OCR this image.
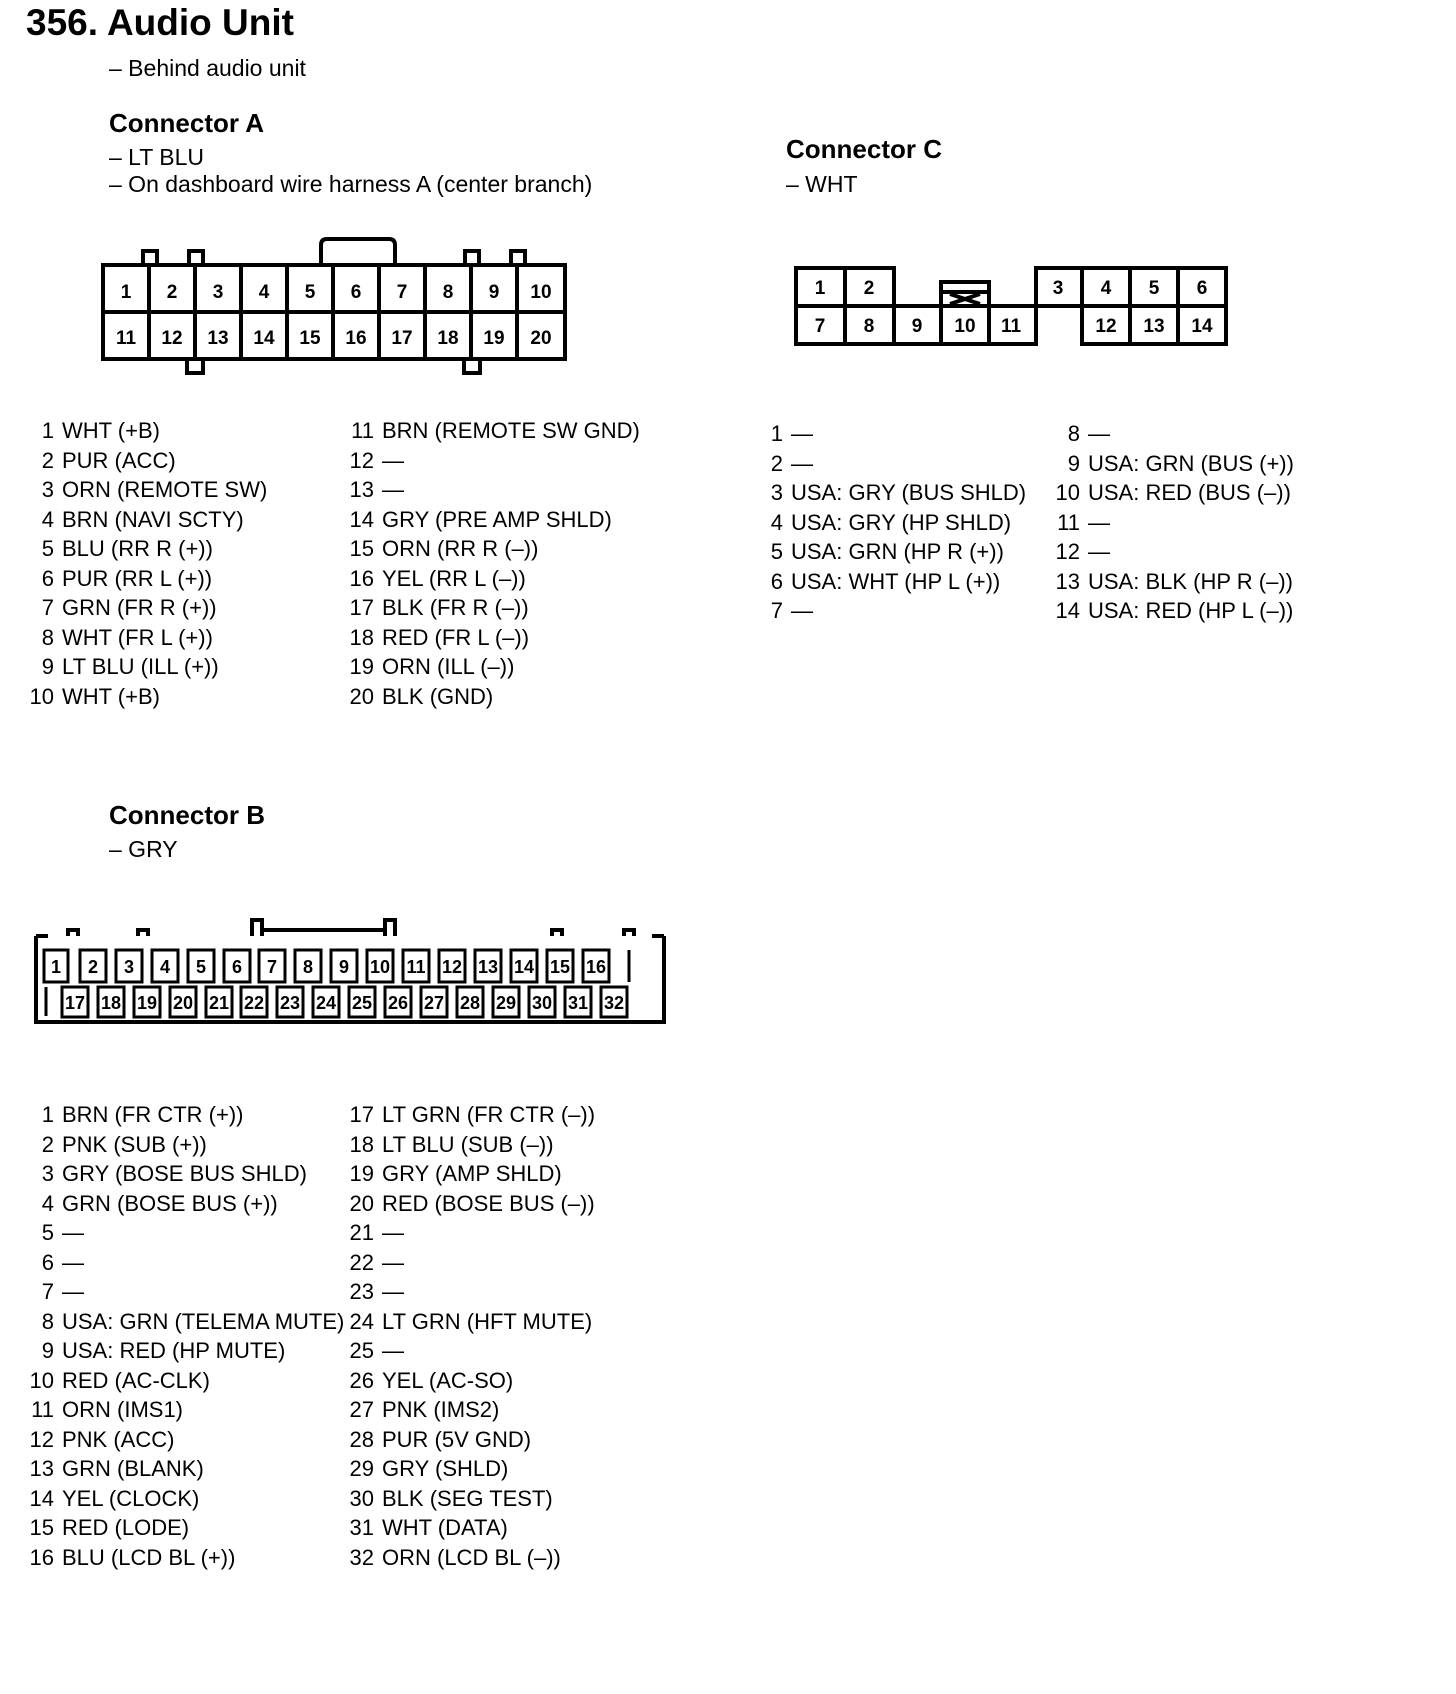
356. Audio Unit
– Behind audio unit
Connector A
– LT BLU
– On dashboard wire harness A (center branch)
Connector C
– WHT
Connector B
– GRY
1 2 3 4 5 6 7 8 9 10
11 12 13 14 15 16 17 18 19 20
1 2	3 4 5 6
7 8 9 10 11	12 13 14
1 2 3 4 5 6 7 8 9 10 11 12 13 14 15 16
17 18 19 20 21 22 23 24 25 26 27 28 29 30 31 32
1 WHT (+B)
2 PUR (ACC)
3 ORN (REMOTE SW)
4 BRN (NAVI SCTY)
5 BLU (RR R (+))
6 PUR (RR L (+))
7 GRN (FR R (+))
8 WHT (FR L (+))
9 LT BLU (ILL (+))
10 WHT (+B)
11 BRN (REMOTE SW GND)
12 —
13 —
14 GRY (PRE AMP SHLD)
15 ORN (RR R (–))
16 YEL (RR L (–))
17 BLK (FR R (–))
18 RED (FR L (–))
19 ORN (ILL (–))
20 BLK (GND)
1 —
2 —
3 USA: GRY (BUS SHLD)
4 USA: GRY (HP SHLD)
5 USA: GRN (HP R (+))
6 USA: WHT (HP L (+))
7 —
8 —
9 USA: GRN (BUS (+))
10 USA: RED (BUS (–))
11 —
12 —
13 USA: BLK (HP R (–))
14 USA: RED (HP L (–))
1 BRN (FR CTR (+))
2 PNK (SUB (+))
3 GRY (BOSE BUS SHLD)
4 GRN (BOSE BUS (+))
5 —
6 —
7 —
8 USA: GRN (TELEMA MUTE)
9 USA: RED (HP MUTE)
10 RED (AC-CLK)
11 ORN (IMS1)
12 PNK (ACC)
13 GRN (BLANK)
14 YEL (CLOCK)
15 RED (LODE)
16 BLU (LCD BL (+))
17 LT GRN (FR CTR (–))
18 LT BLU (SUB (–))
19 GRY (AMP SHLD)
20 RED (BOSE BUS (–))
21 —
22 —
23 —
24 LT GRN (HFT MUTE)
25 —
26 YEL (AC-SO)
27 PNK (IMS2)
28 PUR (5V GND)
29 GRY (SHLD)
30 BLK (SEG TEST)
31 WHT (DATA)
32 ORN (LCD BL (–))
